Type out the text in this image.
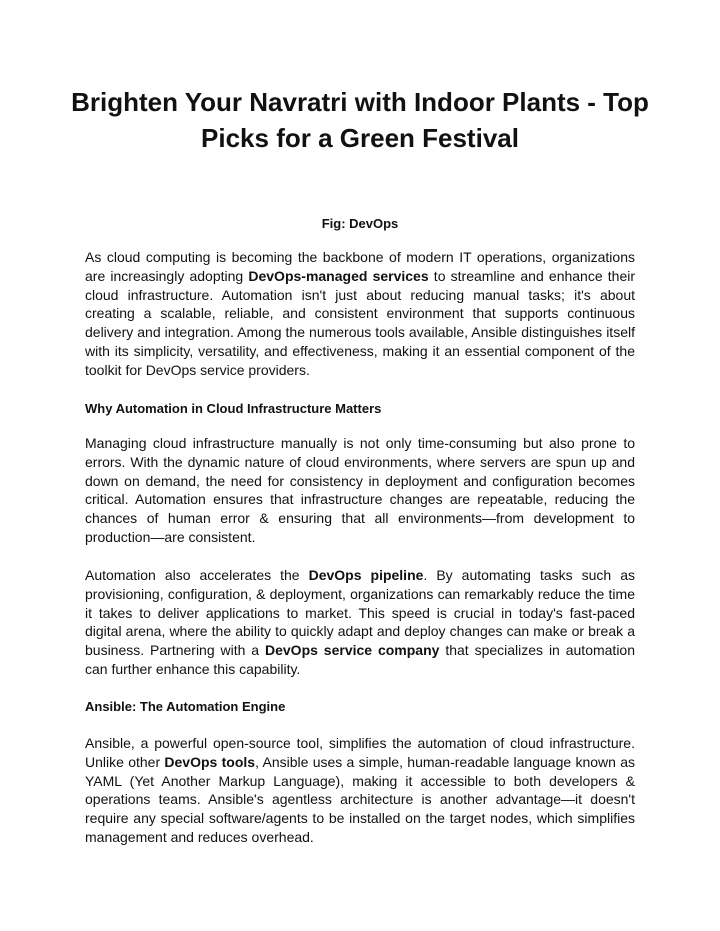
Brighten Your Navratri with Indoor Plants - Top Picks for a Green Festival

Fig: DevOps

As cloud computing is becoming the backbone of modern IT operations, organizations are increasingly adopting DevOps-managed services to streamline and enhance their cloud infrastructure. Automation isn't just about reducing manual tasks; it's about creating a scalable, reliable, and consistent environment that supports continuous delivery and integration. Among the numerous tools available, Ansible distinguishes itself with its simplicity, versatility, and effectiveness, making it an essential component of the toolkit for DevOps service providers.

Why Automation in Cloud Infrastructure Matters

Managing cloud infrastructure manually is not only time-consuming but also prone to errors. With the dynamic nature of cloud environments, where servers are spun up and down on demand, the need for consistency in deployment and configuration becomes critical. Automation ensures that infrastructure changes are repeatable, reducing the chances of human error & ensuring that all environments—from development to production—are consistent.

Automation also accelerates the DevOps pipeline. By automating tasks such as provisioning, configuration, & deployment, organizations can remarkably reduce the time it takes to deliver applications to market. This speed is crucial in today's fast-paced digital arena, where the ability to quickly adapt and deploy changes can make or break a business. Partnering with a DevOps service company that specializes in automation can further enhance this capability.

Ansible: The Automation Engine

Ansible, a powerful open-source tool, simplifies the automation of cloud infrastructure. Unlike other DevOps tools, Ansible uses a simple, human-readable language known as YAML (Yet Another Markup Language), making it accessible to both developers & operations teams. Ansible's agentless architecture is another advantage—it doesn't require any special software/agents to be installed on the target nodes, which simplifies management and reduces overhead.
